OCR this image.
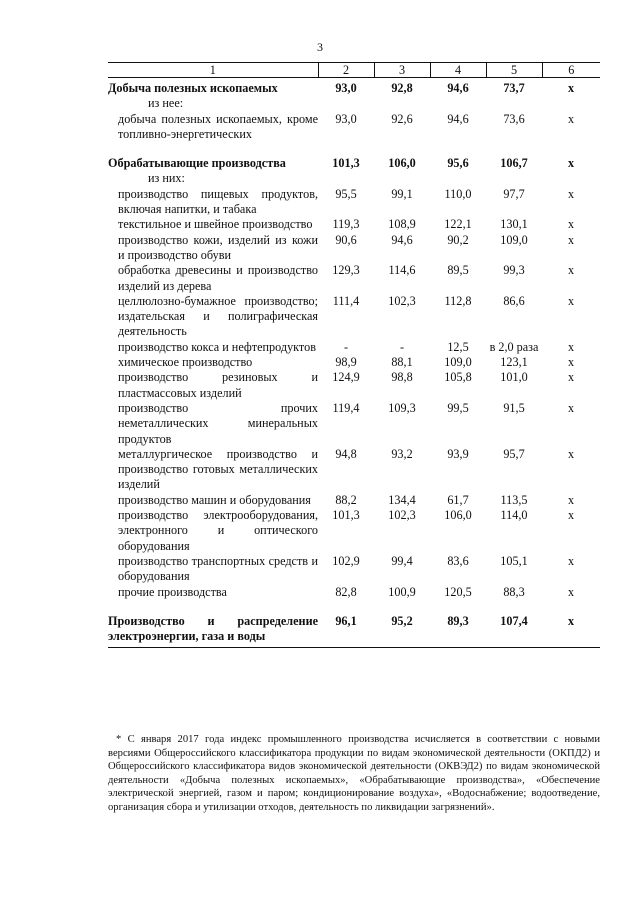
3
1	2	3	4	5	6
Добыча полезных ископаемых	93,0	92,8	94,6	73,7	х
из нее:					

добыча полезных ископаемых, кроме топливно-энергетических	93,0	92,6	94,6	73,6	х

Обрабатывающие производства	101,3	106,0	95,6	106,7	х
из них:					

производство пищевых продуктов, включая напитки, и табака	95,5	99,1	110,0	97,7	х

текстильное и швейное производство	119,3	108,9	122,1	130,1	х

производство кожи, изделий из кожи и производство обуви	90,6	94,6	90,2	109,0	х

обработка древесины и производство изделий из дерева	129,3	114,6	89,5	99,3	х

целлюлозно-бумажное производство; издательская и полиграфическая деятельность	111,4	102,3	112,8	86,6	х

производство кокса и нефтепродуктов	-	-	12,5	в 2,0 раза	х

химическое производство	98,9	88,1	109,0	123,1	х

производство резиновых и пластмассовых изделий	124,9	98,8	105,8	101,0	х

производство прочих неметаллических минеральных продуктов	119,4	109,3	99,5	91,5	х

металлургическое производство и производство готовых металлических изделий	94,8	93,2	93,9	95,7	х

производство машин и оборудования	88,2	134,4	61,7	113,5	х

производство электрооборудования, электронного и оптического оборудования	101,3	102,3	106,0	114,0	х

производство транспортных средств и оборудования	102,9	99,4	83,6	105,1	х

прочие производства	82,8	100,9	120,5	88,3	х

Производство и распределение электроэнергии, газа и воды	96,1	95,2	89,3	107,4	х
* С января 2017 года индекс промышленного производства исчисляется в соответствии с новыми версиями Общероссийского классификатора продукции по видам экономической деятельности (ОКПД2) и Общероссийского классификатора видов экономической деятельности (ОКВЭД2) по видам экономической деятельности «Добыча полезных ископаемых», «Обрабатывающие производства», «Обеспечение электрической энергией, газом и паром; кондиционирование воздуха», «Водоснабжение; водоотведение, организация сбора и утилизации отходов, деятельность по ликвидации загрязнений».
